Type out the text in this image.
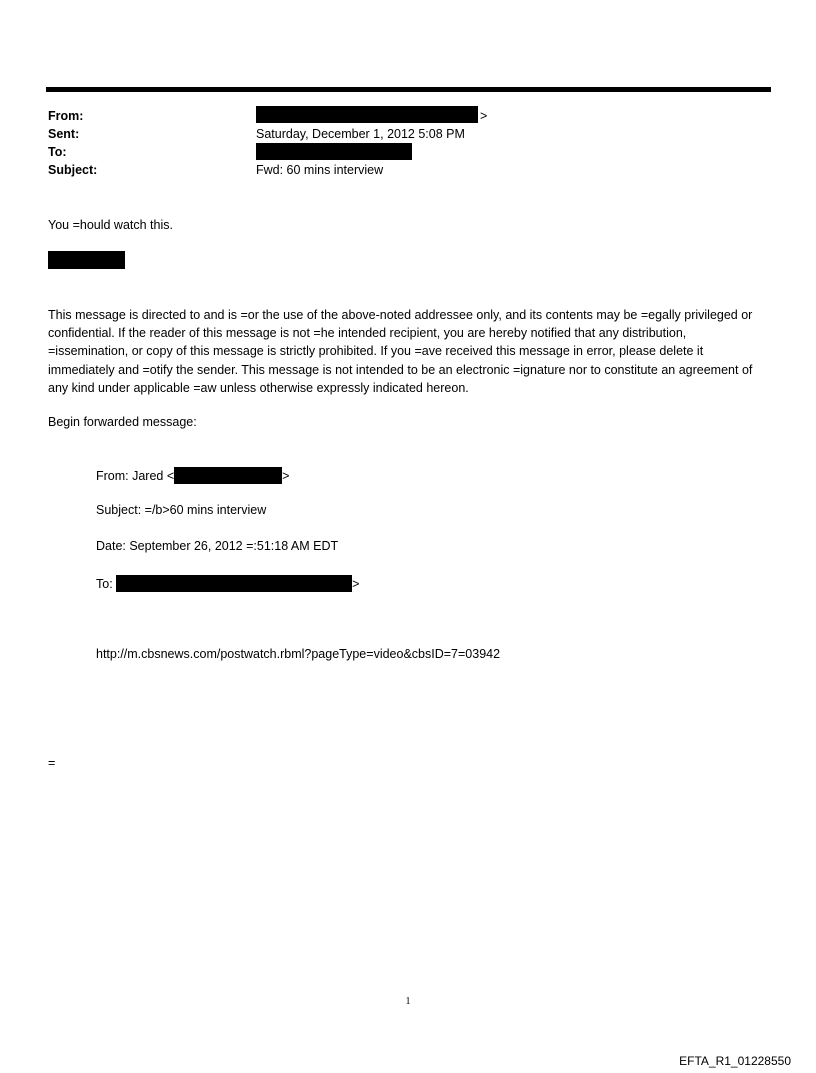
From:	>
Sent:	Saturday, December 1, 2012 5:08 PM
To:
Subject:	Fwd: 60 mins interview
You =hould watch this.
This message is directed to and is =or the use of the above-noted addressee only, and its contents may be =egally privileged or confidential. If the reader of this message is not =he intended recipient, you are hereby notified that any distribution, =issemination, or copy of this message is strictly prohibited. If you =ave received this message in error, please delete it immediately and =otify the sender. This message is not intended to be an electronic =ignature nor to constitute an agreement of any kind under applicable =aw unless otherwise expressly indicated hereon.
Begin forwarded message:
From: Jared <	>
Subject: =/b>60 mins interview
Date: September 26, 2012 =:51:18 AM EDT
To:	>
http://m.cbsnews.com/postwatch.rbml?pageType=video&cbsID=7=03942
=
1
EFTA_R1_01228550
